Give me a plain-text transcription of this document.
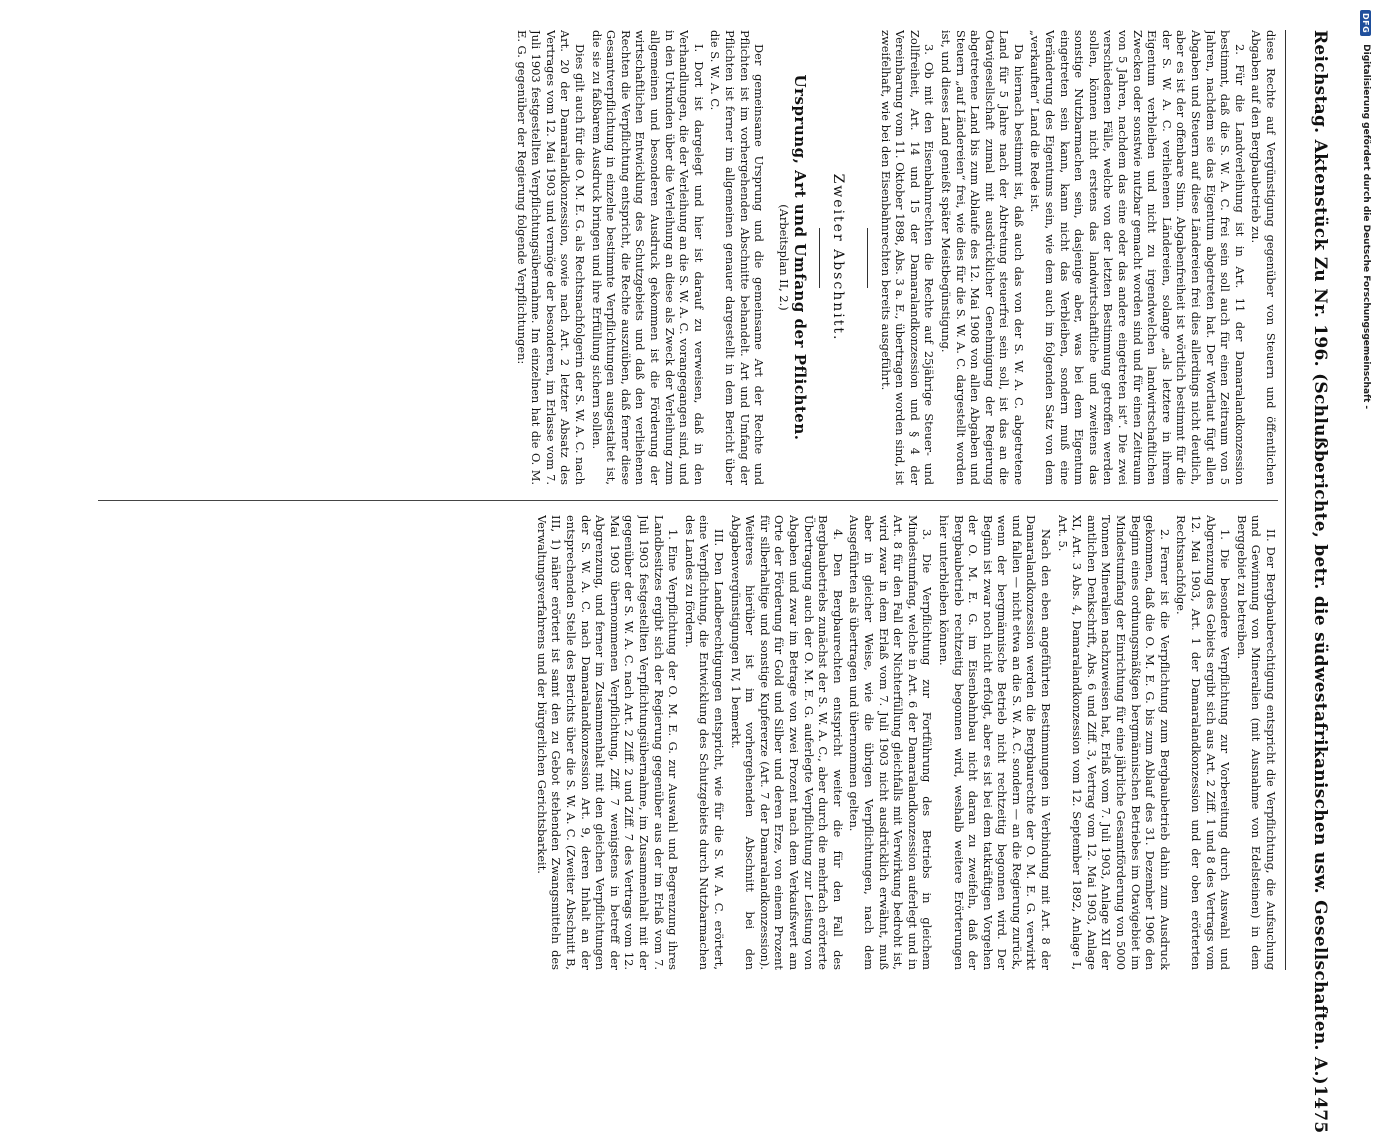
Reichstag. Aktenstück Zu Nr. 196. (Schlußberichte, betr. die südwestafrikanischen usw. Gesellschaften. A.)
1475

diese Rechte auf Vergünstigung gegenüber von Steuern und öffentlichen Abgaben auf den Bergbaubetrieb zu.

2. Für die Landverleihung ist in Art. 11 der Damaralandkonzession bestimmt, daß die S. W. A. C. frei sein soll auch für einen Zeitraum von 5 Jahren, nachdem sie das Eigentum abgetreten hat. Der Wortlaut fügt allen Abgaben und Steuern auf diese Ländereien frei dies allerdings nicht deutlich, aber es ist der offenbare Sinn. Abgabenfreiheit ist wörtlich bestimmt für die der S. W. A. C. verliehenen Ländereien, solange „als letztere in ihrem Eigentum verbleiben und nicht zu irgendwelchen landwirtschaftlichen Zwecken oder sonstwie nutzbar gemacht worden sind und für einen Zeitraum von 5 Jahren, nachdem das eine oder das andere eingetreten ist“. Die zwei verschiedenen Fälle, welche von der letzten Bestimmung getroffen werden sollen, können nicht erstens das landwirtschaftliche und zweitens das sonstige Nutzbarmachen sein, dasjenige aber, was bei dem Eigentum eingetreten sein kann, kann nicht das Verbleiben, sondern muß eine Veränderung des Eigentums sein, wie dem auch im folgenden Satz von dem „verkauften“ Land die Rede ist.

Da hiernach bestimmt ist, daß auch das von der S. W. A. C. abgetretene Land für 5 Jahre nach der Abtretung steuerfrei sein soll, ist das an die Otavigesellschaft zumal mit ausdrücklicher Genehmigung der Regierung abgetretene Land bis zum Ablaufe des 12. Mai 1908 von allen Abgaben und Steuern „auf Ländereien“ frei, wie dies für die S. W. A. C. dargestellt worden ist, und dieses Land genießt später Meistbegünstigung.

3. Ob mit den Eisenbahnrechten die Rechte auf 25jährige Steuer- und Zollfreiheit, Art. 14 und 15 der Damaralandkonzession und § 4 der Vereinbarung vom 11. Oktober 1898, Abs. 3 a. E., übertragen worden sind, ist zweifelhaft, wie bei den Eisenbahnrechten bereits ausgeführt.

Zweiter Abschnitt.
Ursprung, Art und Umfang der Pflichten.
(Arbeitsplan II, 2.)

Der gemeinsame Ursprung und die gemeinsame Art der Rechte und Pflichten ist im vorhergehenden Abschnitte behandelt. Art und Umfang der Pflichten ist ferner im allgemeinen genauer dargestellt in dem Bericht über die S. W. A. C.

I. Dort ist dargelegt und hier ist darauf zu verweisen, daß in den Verhandlungen, die der Verleihung an die S. W. A. C. vorangegangen sind, und in den Urkunden über die Verleihung an diese als Zweck der Verleihung zum allgemeinen und besonderen Ausdruck gekommen ist die Förderung der wirtschaftlichen Entwicklung des Schutzgebiets und daß den verliehenen Rechten die Verpflichtung entspricht, die Rechte auszuüben, daß ferner diese Gesamtverpflichtung in einzelne bestimmte Verpflichtungen ausgestaltet ist, die sie zu faßbarem Ausdruck bringen und ihre Erfüllung sichern sollen.

Dies gilt auch für die O. M. E. G. als Rechtsnachfolgerin der S. W. A. C. nach Art. 20 der Damaralandkonzession, sowie nach Art. 2 letzter Absatz des Vertrages vom 12. Mai 1903 und vermöge der besonderen, im Erlasse vom 7. Juli 1903 festgestellten Verpflichtungsübernahme. Im einzelnen hat die O. M. E. G. gegenüber der Regierung folgende Verpflichtungen:

II. Der Bergbauberechtigung entspricht die Verpflichtung, die Aufsuchung und Gewinnung von Mineralien (mit Ausnahme von Edelsteinen) in dem Berggebiet zu betreiben.

1. Die besondere Verpflichtung zur Vorbereitung durch Auswahl und Abgrenzung des Gebiets ergibt sich aus Art. 2 Ziff. 1 und 8 des Vertrags vom 12. Mai 1903, Art. 1 der Damaralandkonzession und der oben erörterten Rechtsnachfolge.

2. Ferner ist die Verpflichtung zum Bergbaubetrieb dahin zum Ausdruck gekommen, daß die O. M. E. G. bis zum Ablauf des 31. Dezember 1906 den Beginn eines ordnungsmäßigen bergmännischen Betriebes im Otavigebiet im Mindestumfang der Einrichtung für eine jährliche Gesamtförderung von 5000 Tonnen Mineralien nachzuweisen hat, Erlaß vom 7. Juli 1903, Anlage XII der amtlichen Denkschrift, Abs. 6 und Ziff. 3, Vertrag vom 12. Mai 1903, Anlage XI, Art. 3 Abs. 4, Damaralandkonzession vom 12. September 1892, Anlage I, Art. 5.

Nach den eben angeführten Bestimmungen in Verbindung mit Art. 8 der Damaralandkonzession werden die Bergbaurechte der O. M. E. G. verwirkt und fallen — nicht etwa an die S. W. A. C. sondern — an die Regierung zurück, wenn der bergmännische Betrieb nicht rechtzeitig begonnen wird. Der Beginn ist zwar noch nicht erfolgt, aber es ist bei dem tatkräftigen Vorgehen der O. M. E. G. im Eisenbahnbau nicht daran zu zweifeln, daß der Bergbaubetrieb rechtzeitig begonnen wird, weshalb weitere Erörterungen hier unterbleiben können.

3. Die Verpflichtung zur Fortführung des Betriebs in gleichem Mindestumfang, welche in Art. 6 der Damaralandkonzession auferlegt und in Art. 8 für den Fall der Nichterfüllung gleichfalls mit Verwirkung bedroht ist, wird zwar in dem Erlaß vom 7. Juli 1903 nicht ausdrücklich erwähnt, muß aber in gleicher Weise, wie die übrigen Verpflichtungen, nach dem Ausgeführten als übertragen und übernommen gelten.

4. Den Bergbaurechten entspricht weiter die für den Fall des Bergbaubetriebs zunächst der S. W. A. C., aber durch die mehrfach erörterte Übertragung auch der O. M. E. G. auferlegte Verpflichtung zur Leistung von Abgaben und zwar im Betrage von zwei Prozent nach dem Verkaufswert am Orte der Förderung für Gold und Silber und deren Erze, von einem Prozent für silberhaltige und sonstige Kupfererze (Art. 7 der Damaralandkonzession). Weiteres hierüber ist im vorhergehenden Abschnitt bei den Abgabenvergünstigungen IV, 1 bemerkt.

III. Den Landberechtigungen entspricht, wie für die S. W. A. C. erörtert, eine Verpflichtung, die Entwicklung des Schutzgebiets durch Nutzbarmachen des Landes zu fördern.

1. Eine Verpflichtung der O. M. E. G. zur Auswahl und Begrenzung ihres Landbesitzes ergibt sich der Regierung gegenüber aus der im Erlaß vom 7. Juli 1903 festgestellten Verpflichtungsübernahme, im Zusammenhalt mit der gegenüber der S. W. A. C. nach Art. 2 Ziff. 2 und Ziff. 7 des Vertrags vom 12. Mai 1903 übernommenen Verpflichtung, Ziff. 7 wenigstens in betreff der Abgrenzung, und ferner im Zusammenhalt mit den gleichen Verpflichtungen der S. W. A. C. nach Damaralandkonzession Art. 9, deren Inhalt an der entsprechenden Stelle des Berichts über die S. W. A. C. (Zweiter Abschnitt B, III, 1) näher erörtert ist samt den zu Gebot stehenden Zwangsmitteln des Verwaltungsverfahrens und der bürgerlichen Gerichtsbarkeit.

DFG
Digitalisierung gefördert durch die Deutsche Forschungsgemeinschaft -
